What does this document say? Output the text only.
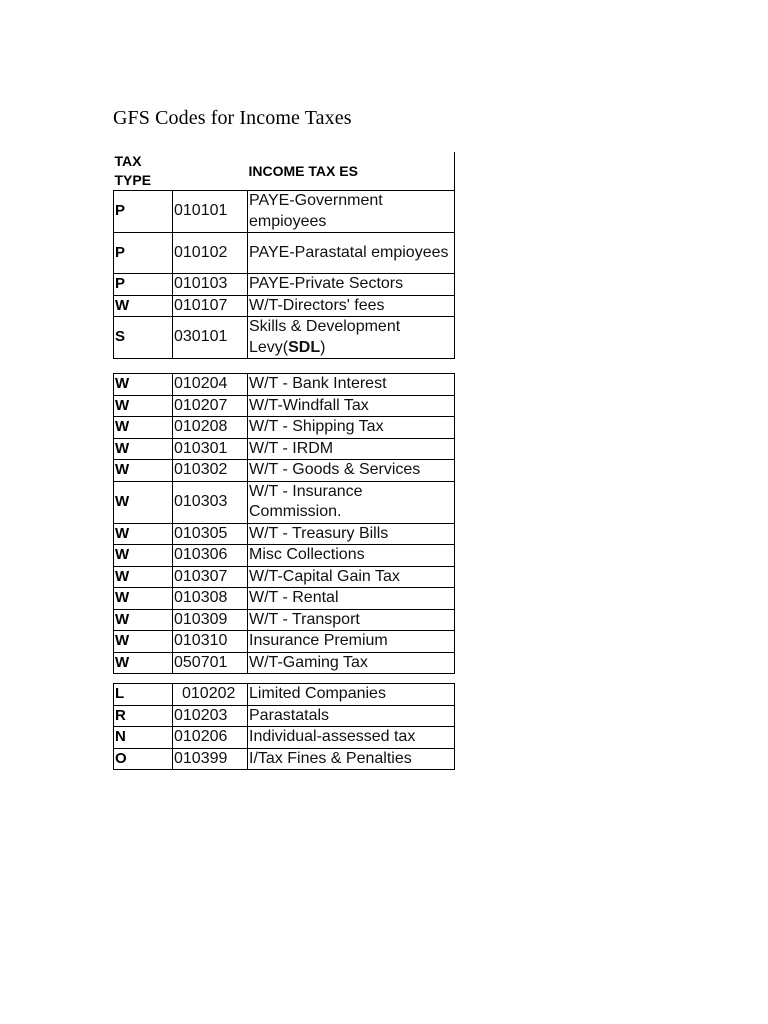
GFS Codes for Income Taxes
TAX TYPE		INCOME TAX ES
P	010101	PAYE-Government empioyees
P	010102	PAYE-Parastatal empioyees
P	010103	PAYE-Private Sectors
W	010107	W/T-Directors' fees
S	030101	Skills & Development Levy(SDL)
W	010204	W/T - Bank Interest
W	010207	W/T-Windfall Tax
W	010208	W/T - Shipping Tax
W	010301	W/T - IRDM
W	010302	W/T - Goods & Services
W	010303	W/T - Insurance Commission.
W	010305	W/T - Treasury Bills
W	010306	Misc Collections
W	010307	W/T-Capital Gain Tax
W	010308	W/T - Rental
W	010309	W/T - Transport
W	010310	Insurance Premium
W	050701	W/T-Gaming Tax
L	010202	Limited Companies
R	010203	Parastatals
N	010206	Individual-assessed tax
O	010399	I/Tax Fines & Penalties
